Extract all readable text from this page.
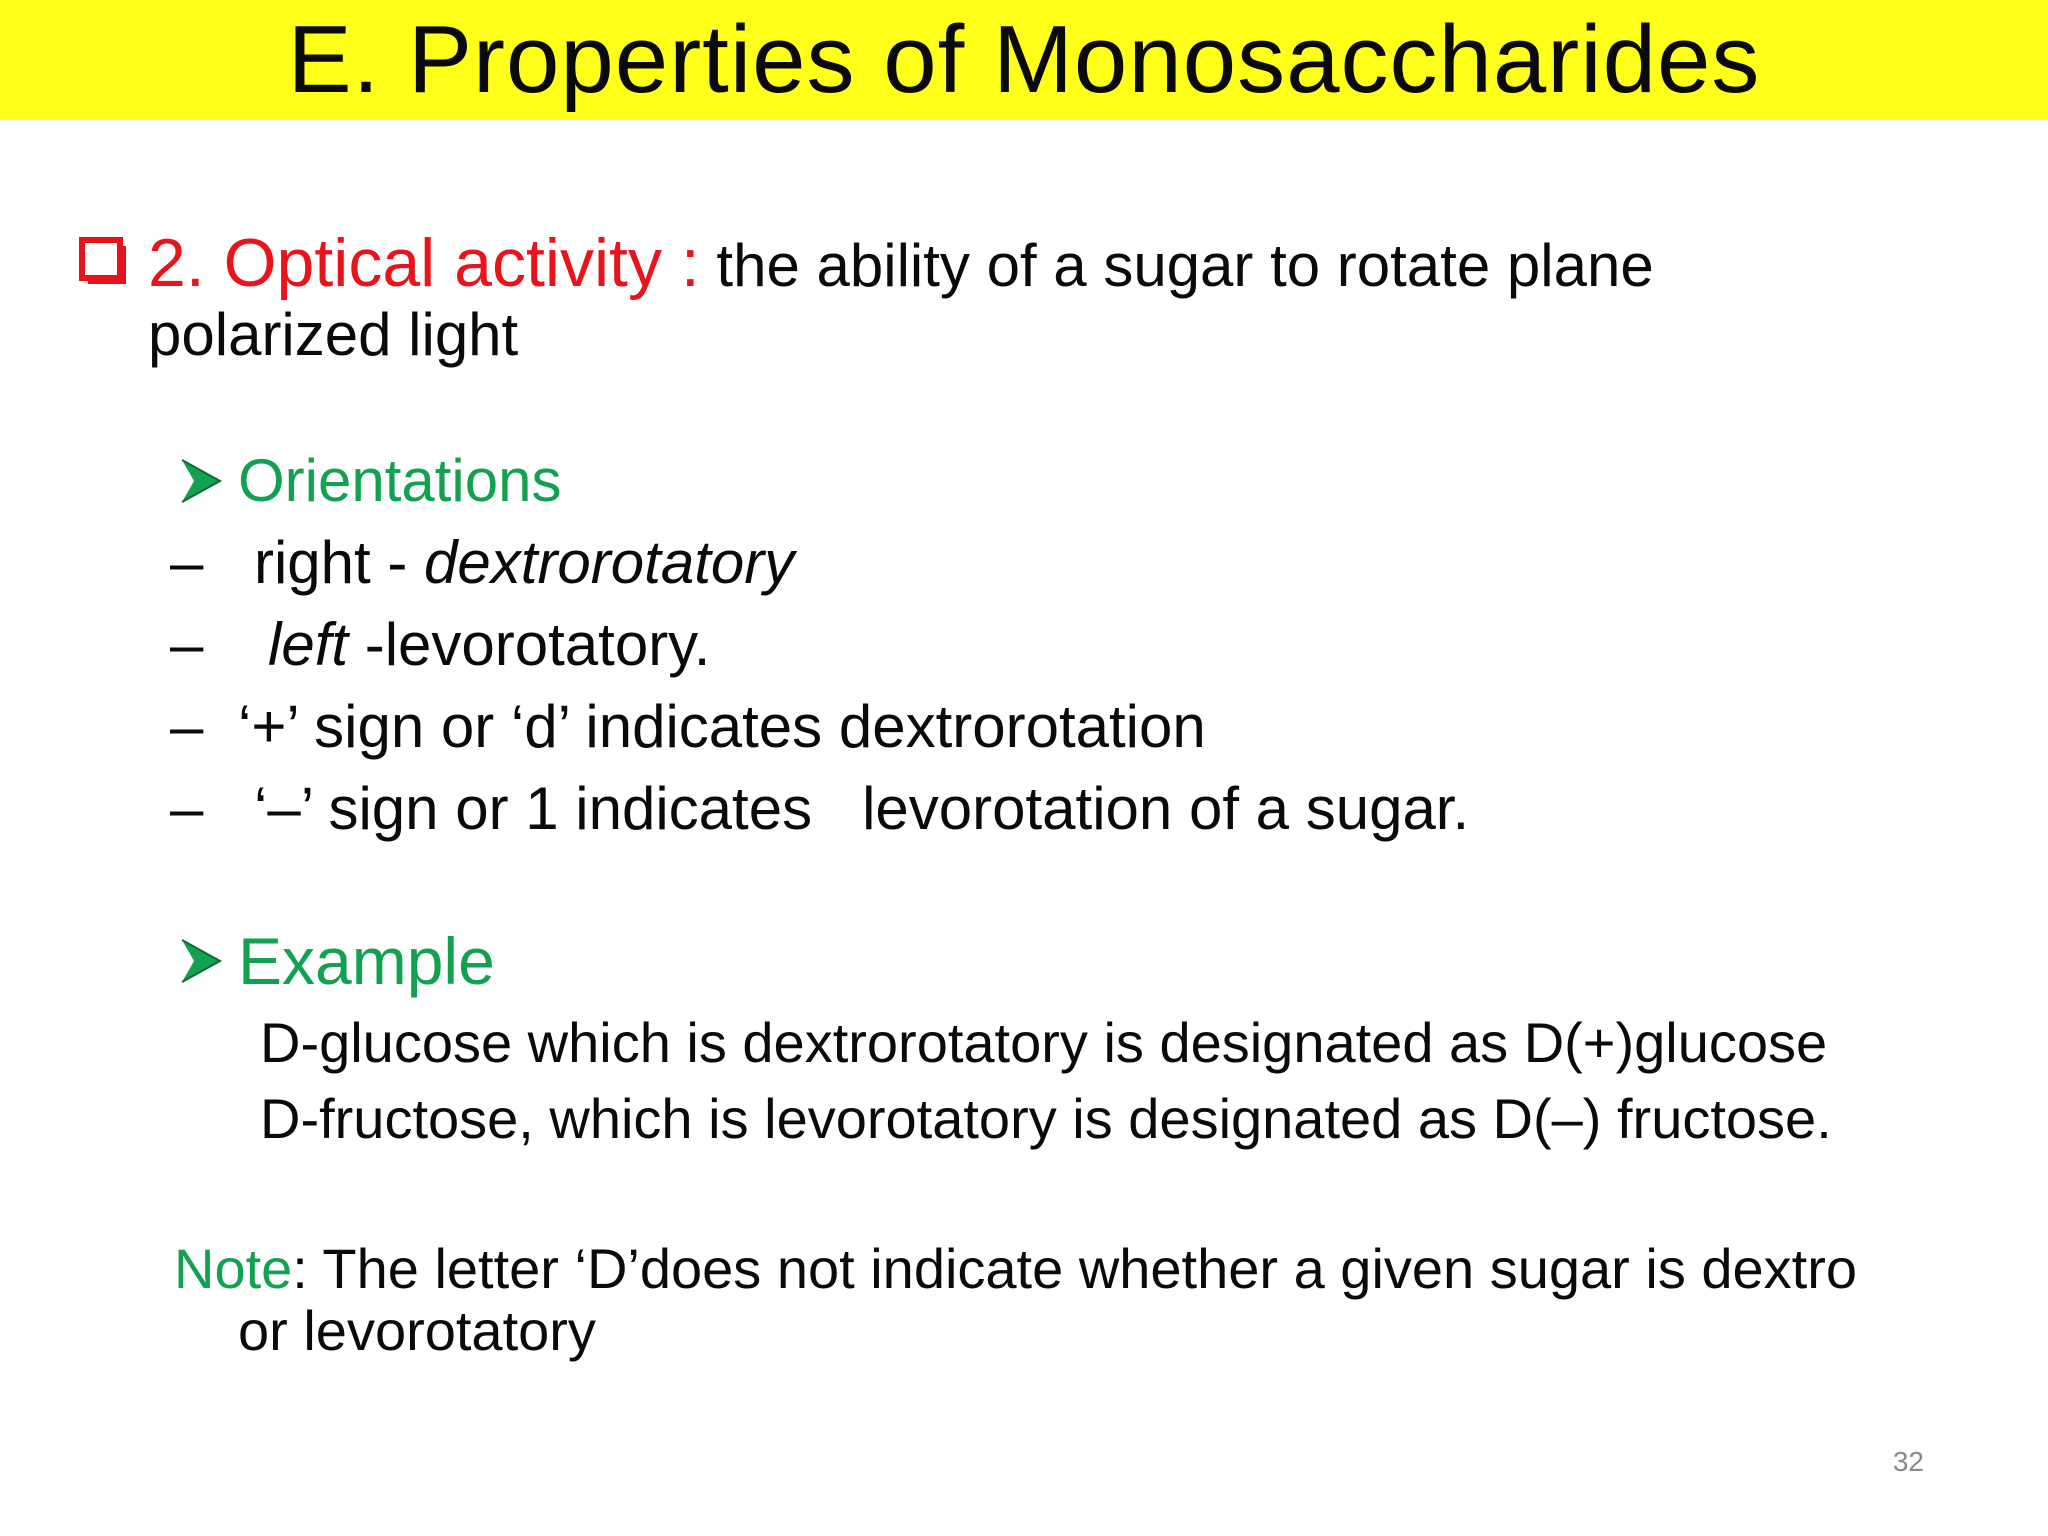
E. Properties of Monosaccharides
2. Optical activity : the ability of a sugar to rotate plane
polarized light
Orientations
– right - dextrorotatory
– left -levorotatory.
– ‘+’ sign or ‘d’ indicates dextrorotation
– ‘–’ sign or 1 indicates   levorotation of a sugar.
Example
D-glucose which is dextrorotatory is designated as D(+)glucose
D-fructose, which is levorotatory is designated as D(–) fructose.
Note: The letter ‘D’does not indicate whether a given sugar is dextro
or levorotatory
32
